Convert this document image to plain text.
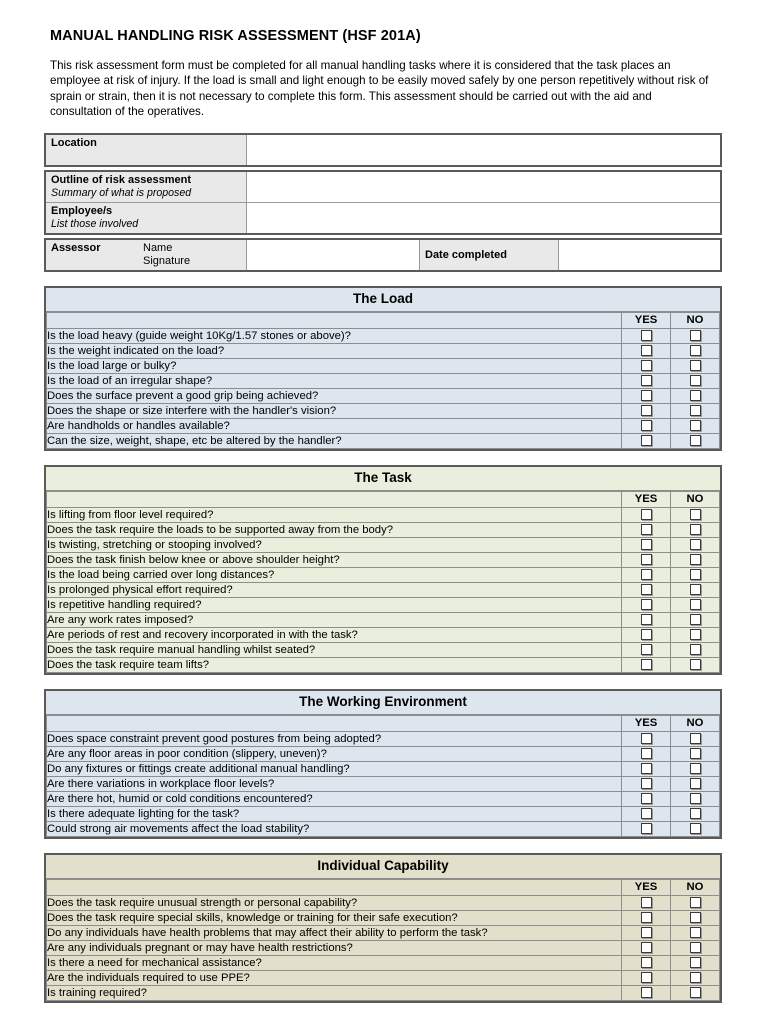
MANUAL HANDLING RISK ASSESSMENT (HSF 201A)

This risk assessment form must be completed for all manual handling tasks where it is considered that the task places an employee at risk of injury. If the load is small and light enough to be easily moved safely by one person repetitively without risk of sprain or strain, then it is not necessary to complete this form. This assessment should be carried out with the aid and consultation of the operatives.

Location

Outline of risk assessment
Summary of what is proposed	

Employee/s
List those involved	

Assessor	Name
Signature		Date completed	
The Load
	YES	NO
Is the load heavy (guide weight 10Kg/1.57 stones or above)?		
Is the weight indicated on the load?		
Is the load large or bulky?		
Is the load of an irregular shape?		
Does the surface prevent a good grip being achieved?		
Does the shape or size interfere with the handler's vision?		
Are handholds or handles available?		
Can the size, weight, shape, etc be altered by the handler?		
The Task
	YES	NO
Is lifting from floor level required?		
Does the task require the loads to be supported away from the body?		
Is twisting, stretching or stooping involved?		
Does the task finish below knee or above shoulder height?		
Is the load being carried over long distances?		
Is prolonged physical effort required?		
Is repetitive handling required?		
Are any work rates imposed?		
Are periods of rest and recovery incorporated in with the task?		
Does the task require manual handling whilst seated?		
Does the task require team lifts?		
The Working Environment
	YES	NO
Does space constraint prevent good postures from being adopted?		
Are any floor areas in poor condition (slippery, uneven)?		
Do any fixtures or fittings create additional manual handling?		
Are there variations in workplace floor levels?		
Are there hot, humid or cold conditions encountered?		
Is there adequate lighting for the task?		
Could strong air movements affect the load stability?		
Individual Capability
	YES	NO
Does the task require unusual strength or personal capability?		
Does the task require special skills, knowledge or training for their safe execution?		
Do any individuals have health problems that may affect their ability to perform the task?		
Are any individuals pregnant or may have health restrictions?		
Is there a need for mechanical assistance?		
Are the individuals required to use PPE?		
Is training required?		
